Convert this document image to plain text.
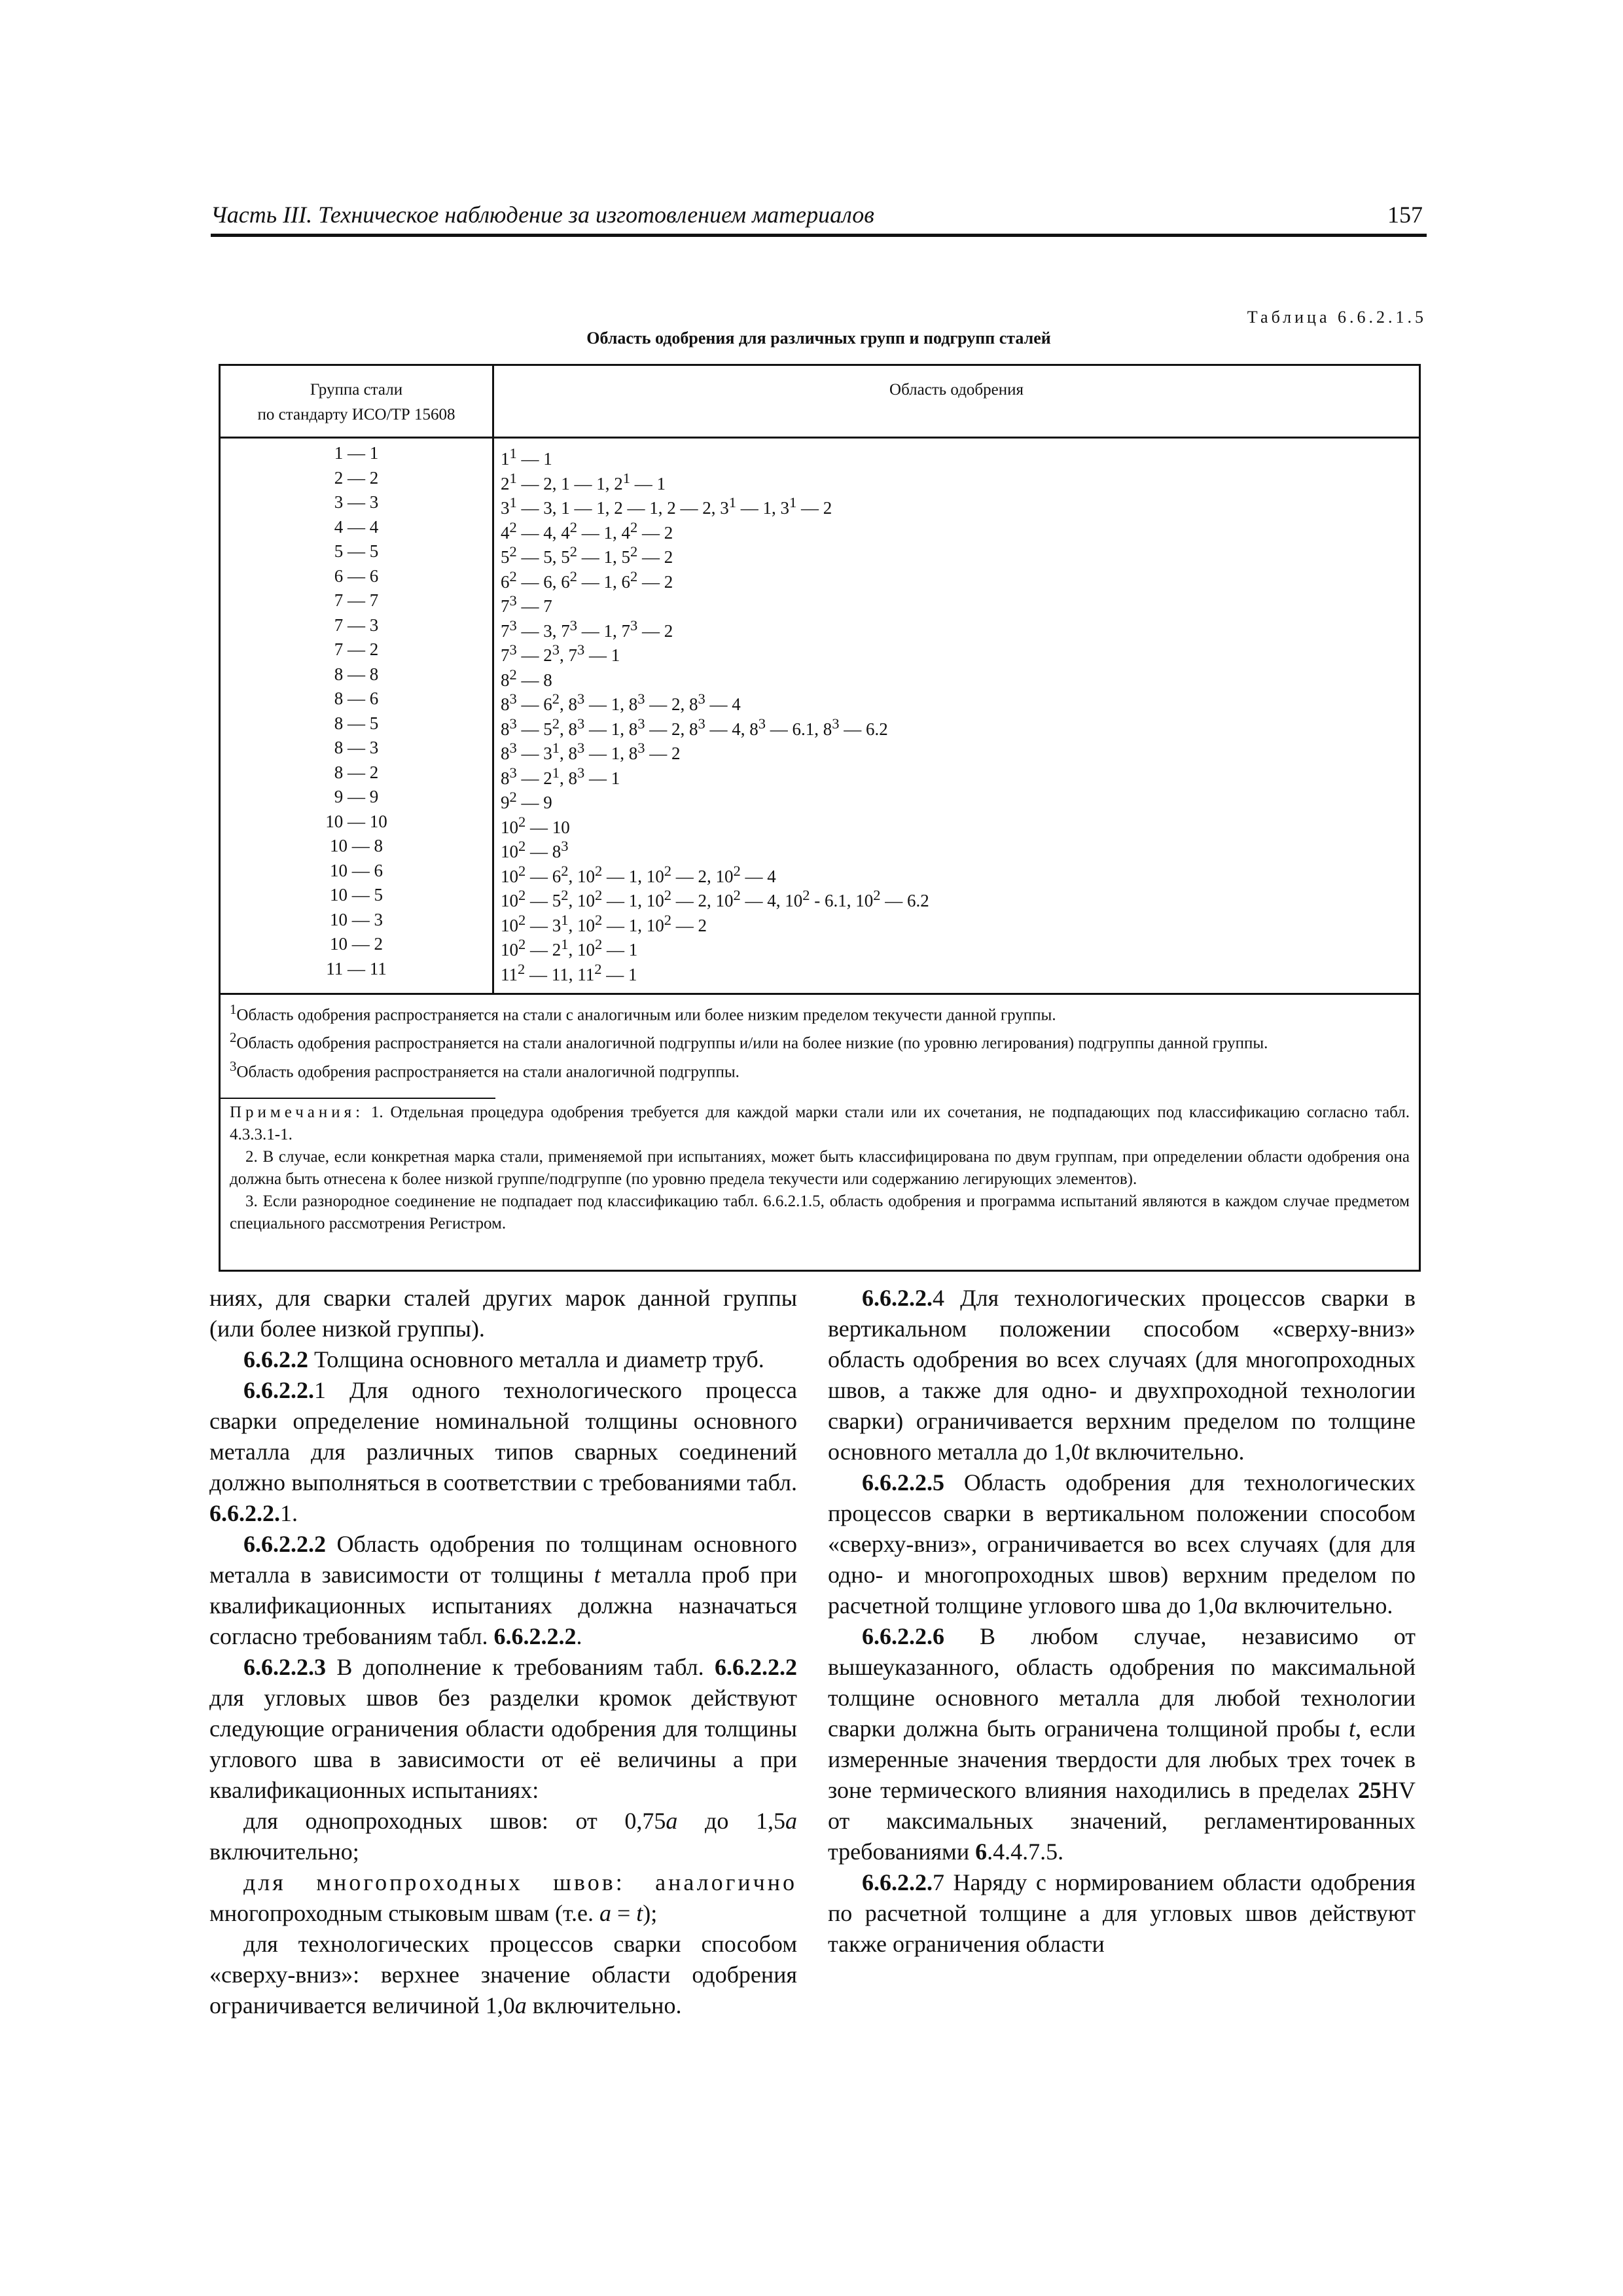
Часть III. Техническое наблюдение за изготовлением материалов	157
Таблица 6.6.2.1.5
Область одобрения для различных групп и подгрупп сталей
Группа стали
по стандарту ИСО/ТР 15608
Область одобрения
1 — 1
2 — 2
3 — 3
4 — 4
5 — 5
6 — 6
7 — 7
7 — 3
7 — 2
8 — 8
8 — 6
8 — 5
8 — 3
8 — 2
9 — 9
10 — 10
10 — 8
10 — 6
10 — 5
10 — 3
10 — 2
11 — 11
$1^1$ — 1
$2^1$ — 2, 1 — 1, $2^1$ — 1
$3^1$ — 3, 1 — 1, 2 — 1, 2 — 2, $3^1$ — 1, $3^1$ — 2
$4^2$ — 4, $4^2$ — 1, $4^2$ — 2
$5^2$ — 5, $5^2$ — 1, $5^2$ — 2
$6^2$ — 6, $6^2$ — 1, $6^2$ — 2
$7^3$ — 7
$7^3$ — 3, $7^3$ — 1, $7^3$ — 2
$7^3$ — $2^3$, $7^3$ — 1
$8^2$ — 8
$8^3$ — $6^2$, $8^3$ — 1, $8^3$ — 2, $8^3$ — 4
$8^3$ — $5^2$, $8^3$ — 1, $8^3$ — 2, $8^3$ — 4, $8^3$ — 6.1, $8^3$ — 6.2
$8^3$ — $3^1$, $8^3$ — 1, $8^3$ — 2
$8^3$ — $2^1$, $8^3$ — 1
$9^2$ — 9
$10^2$ — 10
$10^2$ — $8^3$
$10^2$ — $6^2$, $10^2$ — 1, $10^2$ — 2, $10^2$ — 4
$10^2$ — $5^2$, $10^2$ — 1, $10^2$ — 2, $10^2$ — 4, $10^2 - 6.1$, $10^2$ — 6.2
$10^2$ — $3^1$, $10^2$ — 1, $10^2$ — 2
$10^2$ — $2^1$, $10^2$ — 1
$11^2$ — 11, $11^2$ — 1

$^1$Область одобрения распространяется на стали с аналогичным или более низким пределом текучести данной группы.

$^2$Область одобрения распространяется на стали аналогичной подгруппы и/или на более низкие (по уровню легирования) подгруппы данной группы.

$^3$Область одобрения распространяется на стали аналогичной подгруппы.

Примечания: 1. Отдельная процедура одобрения требуется для каждой марки стали или их сочетания, не подпадающих под классификацию согласно табл. 4.3.3.1-1.

2. В случае, если конкретная марка стали, применяемой при испытаниях, может быть классифицирована по двум группам, при определении области одобрения она должна быть отнесена к более низкой группе/подгруппе (по уровню предела текучести или содержанию легирующих элементов).

3. Если разнородное соединение не подпадает под классификацию табл. 6.6.2.1.5, область одобрения и программа испытаний являются в каждом случае предметом специального рассмотрения Регистром.

ниях, для сварки сталей других марок данной группы (или более низкой группы).

6.6.2.2 Толщина основного металла и диаметр труб.

6.6.2.2.1 Для одного технологического процесса сварки определение номинальной толщины основного металла для различных типов сварных соединений должно выполняться в соответствии с требованиями табл. 6.6.2.2.1.

6.6.2.2.2 Область одобрения по толщинам основного металла в зависимости от толщины t металла проб при квалификационных испытаниях должна назначаться согласно требованиям табл. 6.6.2.2.2.

6.6.2.2.3 В дополнение к требованиям табл. 6.6.2.2.2 для угловых швов без разделки кромок действуют следующие ограничения области одобрения для толщины углового шва в зависимости от её величины а при квалификационных испытаниях:

для однопроходных швов: от 0,75a до 1,5a включительно;

для многопроходных швов: аналогично многопроходным стыковым швам (т.е. a = t);

для технологических процессов сварки способом «сверху-вниз»: верхнее значение области одобрения ограничивается величиной 1,0a включительно.

6.6.2.2.4 Для технологических процессов сварки в вертикальном положении способом «сверху-вниз» область одобрения во всех случаях (для многопроходных швов, а также для одно- и двухпроходной технологии сварки) ограничивается верхним пределом по толщине основного металла до 1,0t включительно.

6.6.2.2.5 Область одобрения для технологических процессов сварки в вертикальном положении способом «сверху-вниз», ограничивается во всех случаях (для для одно- и многопроходных швов) верхним пределом по расчетной толщине углового шва до 1,0a включительно.

6.6.2.2.6 В любом случае, независимо от вышеуказанного, область одобрения по максимальной толщине основного металла для любой технологии сварки должна быть ограничена толщиной пробы t, если измеренные значения твердости для любых трех точек в зоне термического влияния находились в пределах 25HV от максимальных значений, регламентированных требованиями 6.4.4.7.5.

6.6.2.2.7 Наряду с нормированием области одобрения по расчетной толщине а для угловых швов действуют также ограничения области
